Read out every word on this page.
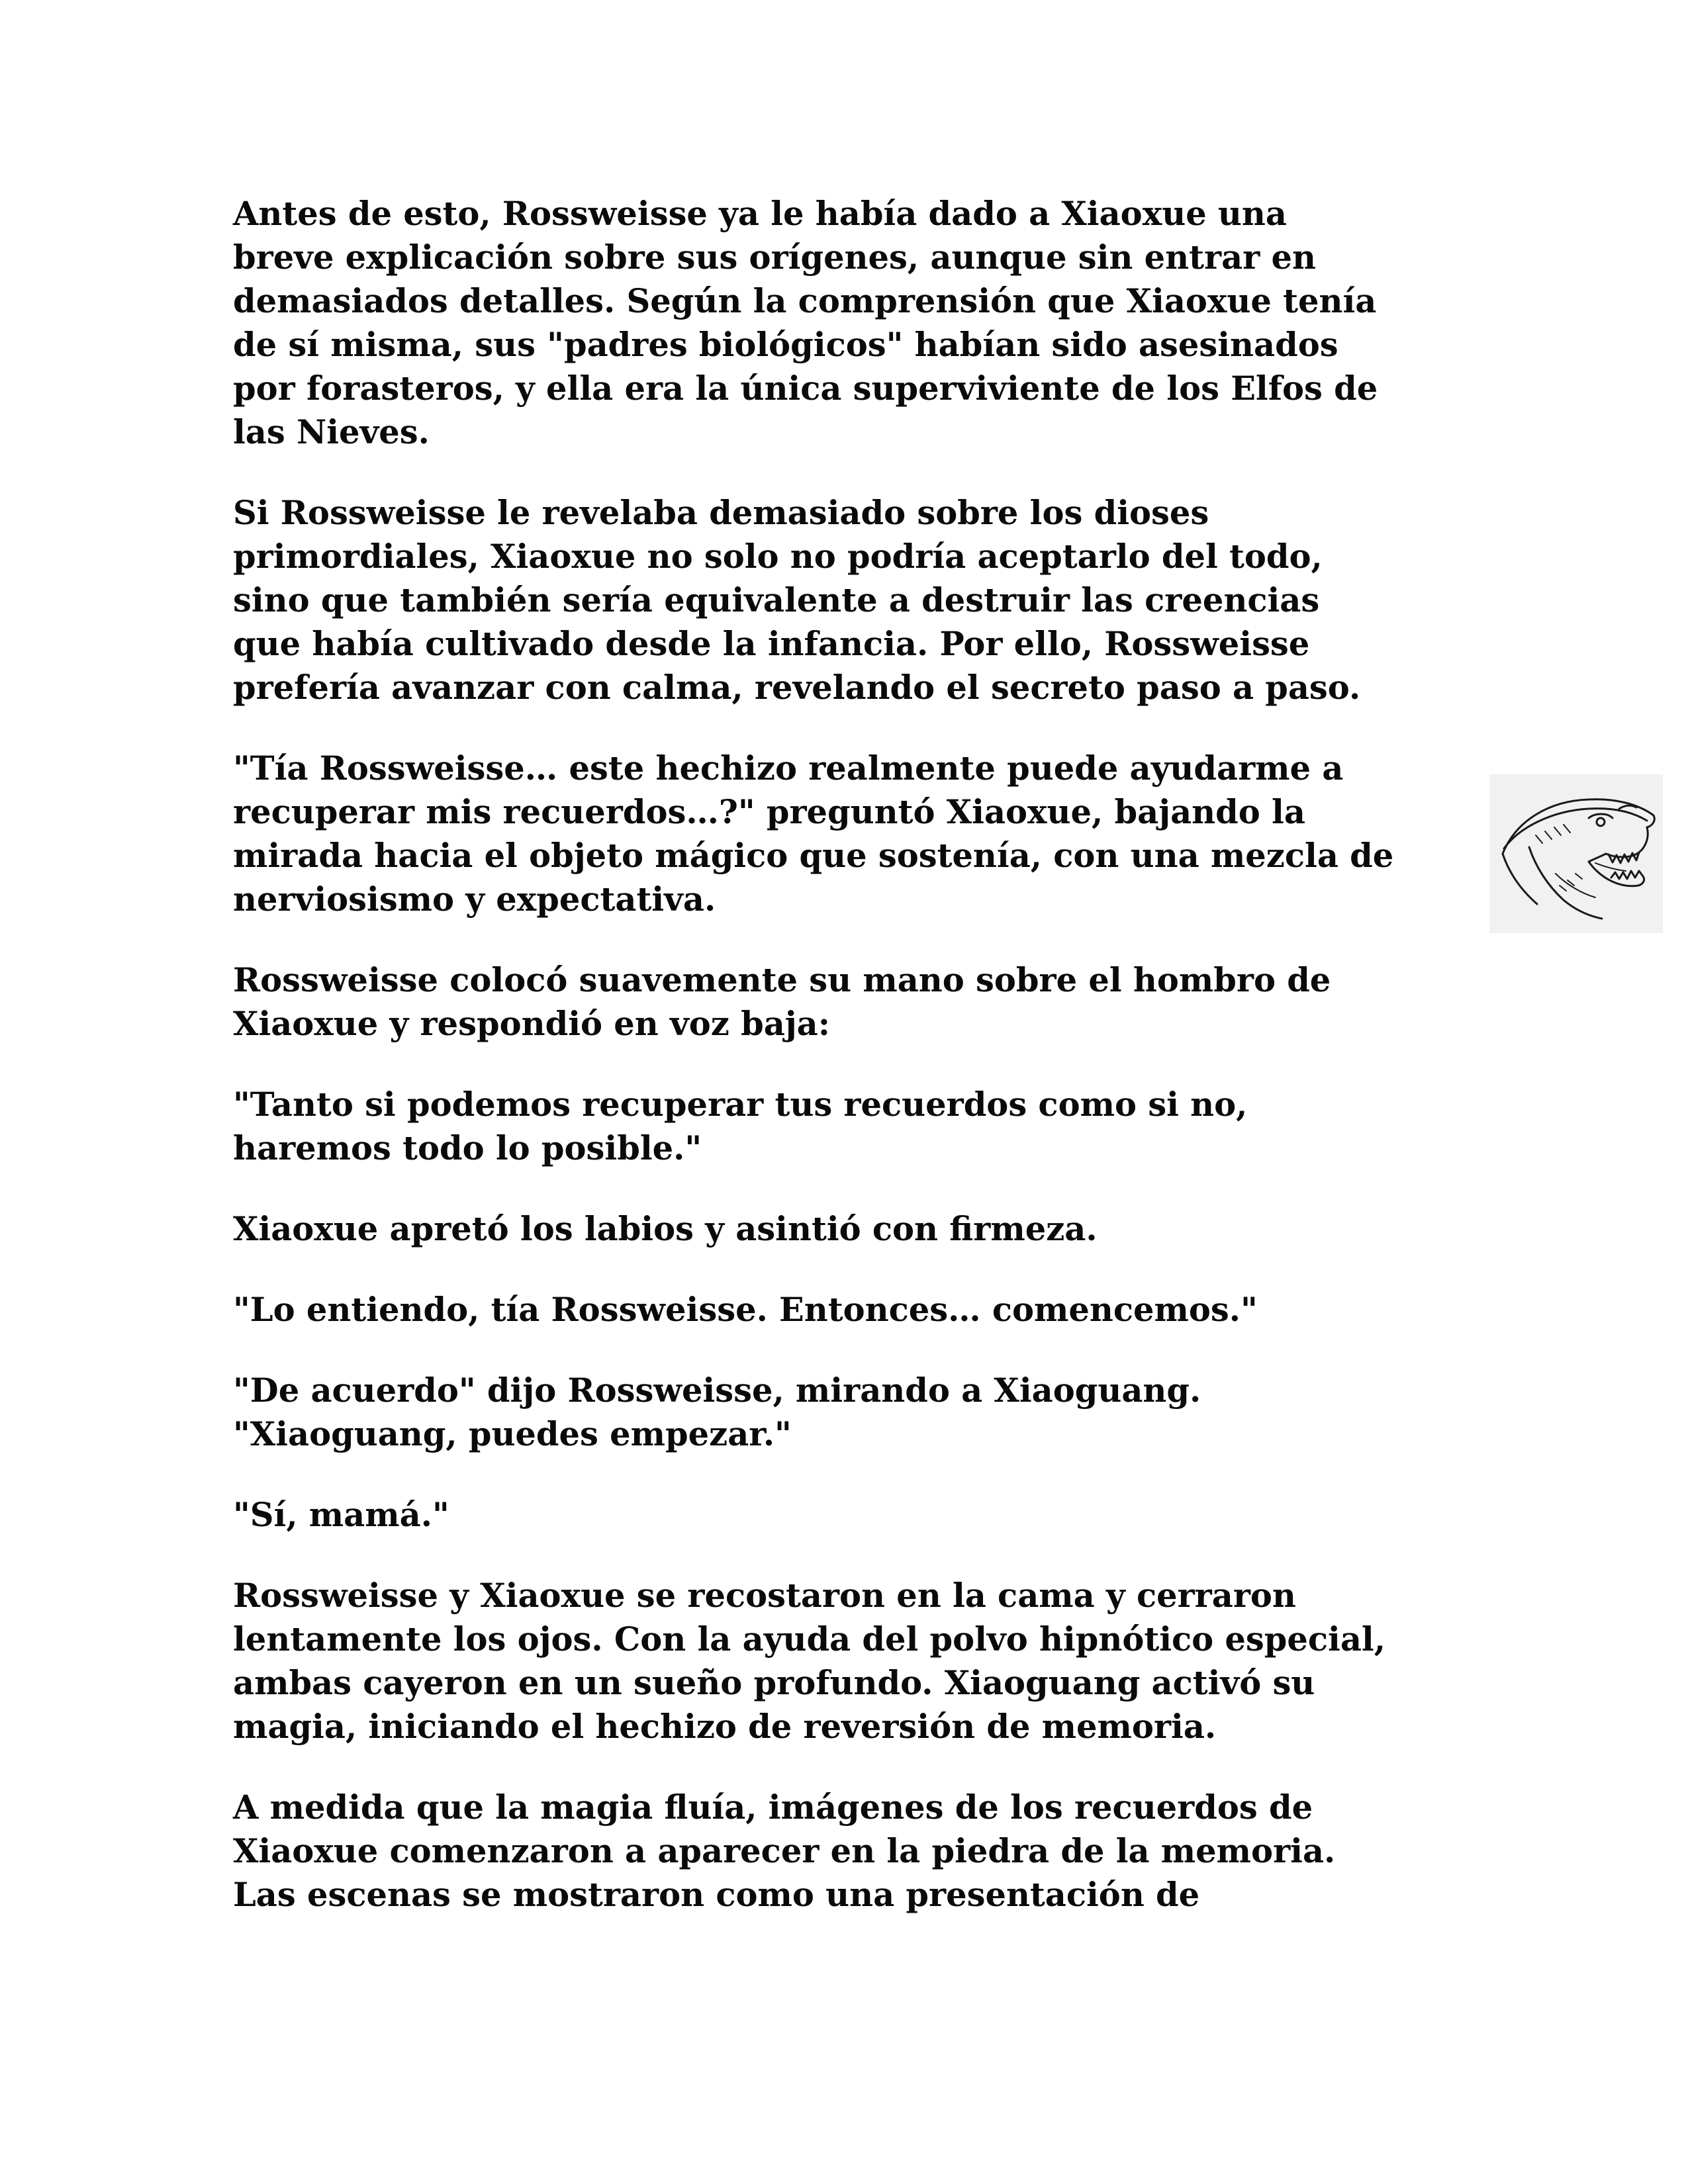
Antes de esto, Rossweisse ya le había dado a Xiaoxue una
breve explicación sobre sus orígenes, aunque sin entrar en
demasiados detalles. Según la comprensión que Xiaoxue tenía
de sí misma, sus "padres biológicos" habían sido asesinados
por forasteros, y ella era la única superviviente de los Elfos de
las Nieves.

Si Rossweisse le revelaba demasiado sobre los dioses
primordiales, Xiaoxue no solo no podría aceptarlo del todo,
sino que también sería equivalente a destruir las creencias
que había cultivado desde la infancia. Por ello, Rossweisse
prefería avanzar con calma, revelando el secreto paso a paso.

"Tía Rossweisse… este hechizo realmente puede ayudarme a
recuperar mis recuerdos…?" preguntó Xiaoxue, bajando la
mirada hacia el objeto mágico que sostenía, con una mezcla de
nerviosismo y expectativa.

Rossweisse colocó suavemente su mano sobre el hombro de
Xiaoxue y respondió en voz baja:

"Tanto si podemos recuperar tus recuerdos como si no,
haremos todo lo posible."

Xiaoxue apretó los labios y asintió con firmeza.

"Lo entiendo, tía Rossweisse. Entonces… comencemos."

"De acuerdo" dijo Rossweisse, mirando a Xiaoguang.
"Xiaoguang, puedes empezar."

"Sí, mamá."

Rossweisse y Xiaoxue se recostaron en la cama y cerraron
lentamente los ojos. Con la ayuda del polvo hipnótico especial,
ambas cayeron en un sueño profundo. Xiaoguang activó su
magia, iniciando el hechizo de reversión de memoria.

A medida que la magia fluía, imágenes de los recuerdos de
Xiaoxue comenzaron a aparecer en la piedra de la memoria.
Las escenas se mostraron como una presentación de
